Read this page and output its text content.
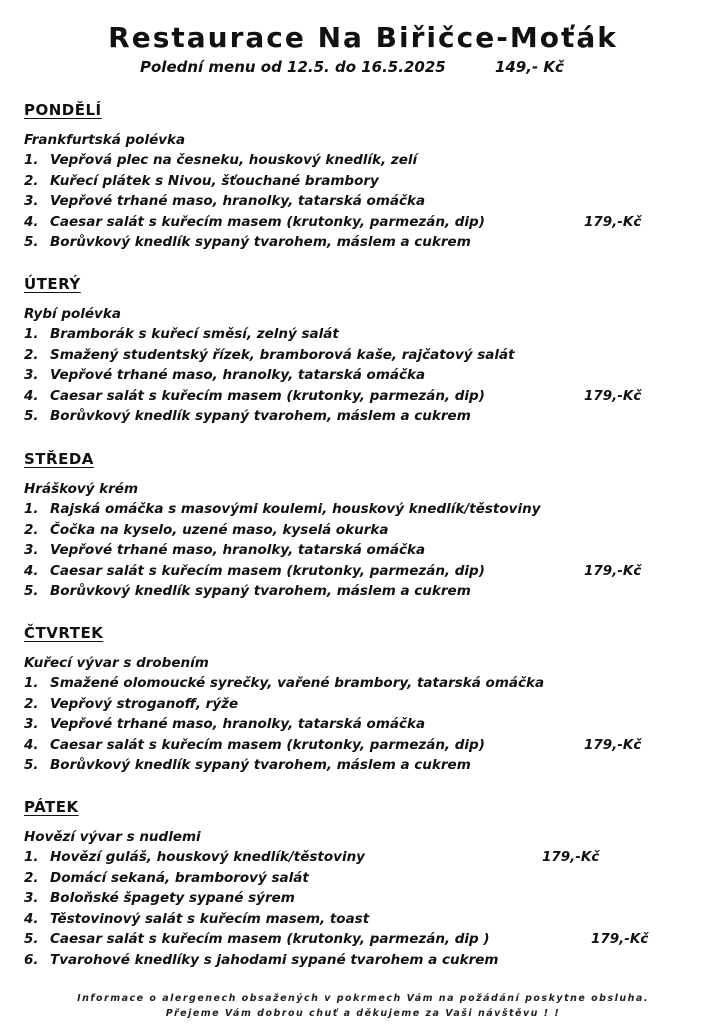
Restaurace Na Biřičce-Moťák
Polední menu od 12.5. do 16.5.2025	149,- Kč
PONDĚLÍ
Frankfurtská polévka
1. Vepřová plec na česneku, houskový knedlík, zelí
2. Kuřecí plátek s Nivou, šťouchané brambory
3. Vepřové trhané maso, hranolky, tatarská omáčka
4. Caesar salát s kuřecím masem (krutonky, parmezán, dip)	179,-Kč
5. Borůvkový knedlík sypaný tvarohem, máslem a cukrem
ÚTERÝ
Rybí polévka
1. Bramborák s kuřecí směsí, zelný salát
2. Smažený studentský řízek, bramborová kaše, rajčatový salát
3. Vepřové trhané maso, hranolky, tatarská omáčka
4. Caesar salát s kuřecím masem (krutonky, parmezán, dip)	179,-Kč
5. Borůvkový knedlík sypaný tvarohem, máslem a cukrem
STŘEDA
Hráškový krém
1. Rajská omáčka s masovými koulemi, houskový knedlík/těstoviny
2. Čočka na kyselo, uzené maso, kyselá okurka
3. Vepřové trhané maso, hranolky, tatarská omáčka
4. Caesar salát s kuřecím masem (krutonky, parmezán, dip)	179,-Kč
5. Borůvkový knedlík sypaný tvarohem, máslem a cukrem
ČTVRTEK
Kuřecí vývar s drobením
1. Smažené olomoucké syrečky, vařené brambory, tatarská omáčka
2. Vepřový stroganoff, rýže
3. Vepřové trhané maso, hranolky, tatarská omáčka
4. Caesar salát s kuřecím masem (krutonky, parmezán, dip)	179,-Kč
5. Borůvkový knedlík sypaný tvarohem, máslem a cukrem
PÁTEK
Hovězí vývar s nudlemi
1. Hovězí guláš, houskový knedlík/těstoviny	179,-Kč
2. Domácí sekaná, bramborový salát
3. Boloňské špagety sypané sýrem
4. Těstovinový salát s kuřecím masem, toast
5. Caesar salát s kuřecím masem (krutonky, parmezán, dip )	179,-Kč
6. Tvarohové knedlíky s jahodami sypané tvarohem a cukrem
Informace o alergenech obsažených v pokrmech Vám na požádání poskytne obsluha.
Přejeme Vám dobrou chuť a děkujeme za Vaši návštěvu ! !
